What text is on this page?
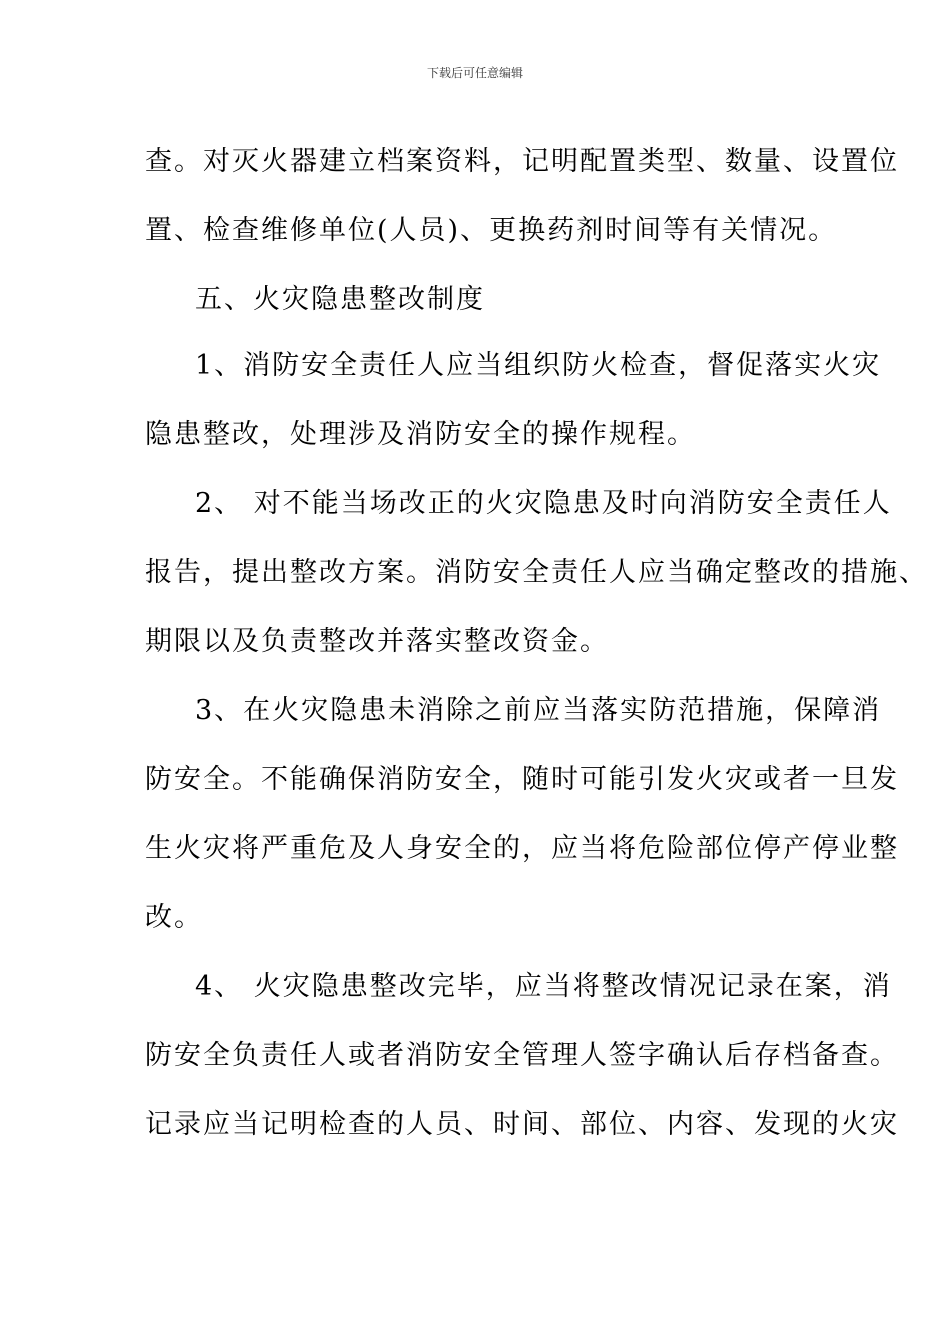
下载后可任意编辑
查。对灭火器建立档案资料，记明配置类型、数量、设置位
置、检查维修单位(人员)、更换药剂时间等有关情况。
五、火灾隐患整改制度
1、消防安全责任人应当组织防火检查，督促落实火灾
隐患整改，处理涉及消防安全的操作规程。
2、 对不能当场改正的火灾隐患及时向消防安全责任人
报告，提出整改方案。消防安全责任人应当确定整改的措施、
期限以及负责整改并落实整改资金。
3、在火灾隐患未消除之前应当落实防范措施，保障消
防安全。不能确保消防安全，随时可能引发火灾或者一旦发
生火灾将严重危及人身安全的，应当将危险部位停产停业整
改。
4、 火灾隐患整改完毕，应当将整改情况记录在案，消
防安全负责任人或者消防安全管理人签字确认后存档备查。
记录应当记明检查的人员、时间、部位、内容、发现的火灾
